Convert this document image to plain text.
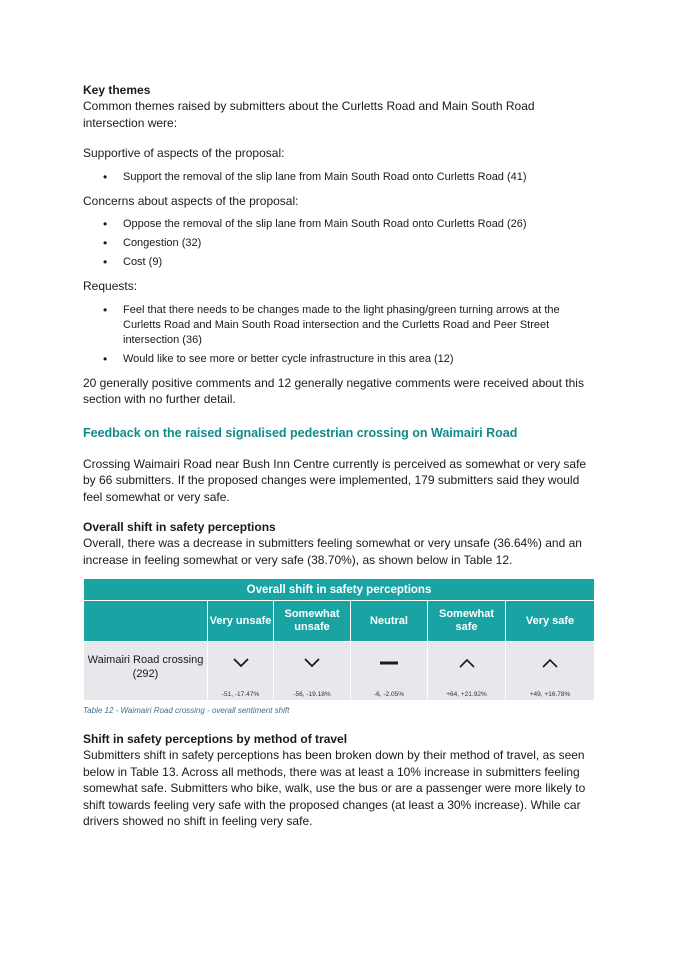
Key themes

Common themes raised by submitters about the Curletts Road and Main South Road intersection were:

Supportive of aspects of the proposal:

• Support the removal of the slip lane from Main South Road onto Curletts Road (41)

Concerns about aspects of the proposal:

• Oppose the removal of the slip lane from Main South Road onto Curletts Road (26)
• Congestion (32)
• Cost (9)

Requests:

• Feel that there needs to be changes made to the light phasing/green turning arrows at the Curletts Road and Main South Road intersection and the Curletts Road and Peer Street intersection (36)
• Would like to see more or better cycle infrastructure in this area (12)

20 generally positive comments and 12 generally negative comments were received about this section with no further detail.

Feedback on the raised signalised pedestrian crossing on Waimairi Road

Crossing Waimairi Road near Bush Inn Centre currently is perceived as somewhat or very safe by 66 submitters. If the proposed changes were implemented, 179 submitters said they would feel somewhat or very safe.

Overall shift in safety perceptions

Overall, there was a decrease in submitters feeling somewhat or very unsafe (36.64%) and an increase in feeling somewhat or very safe (38.70%), as shown below in Table 12.

Overall shift in safety perceptions					
	Very unsafe	Somewhat unsafe	Neutral	Somewhat safe	Very safe

Waimairi Road crossing (292)	-51, -17.47%	-56, -19.18%	-6, -2.05%	+64, +21.92%	+49, +16.78%

Table 12 - Waimairi Road crossing - overall sentiment shift

Shift in safety perceptions by method of travel

Submitters shift in safety perceptions has been broken down by their method of travel, as seen below in Table 13. Across all methods, there was at least a 10% increase in submitters feeling somewhat safe. Submitters who bike, walk, use the bus or are a passenger were more likely to shift towards feeling very safe with the proposed changes (at least a 30% increase). While car drivers showed no shift in feeling very safe.
